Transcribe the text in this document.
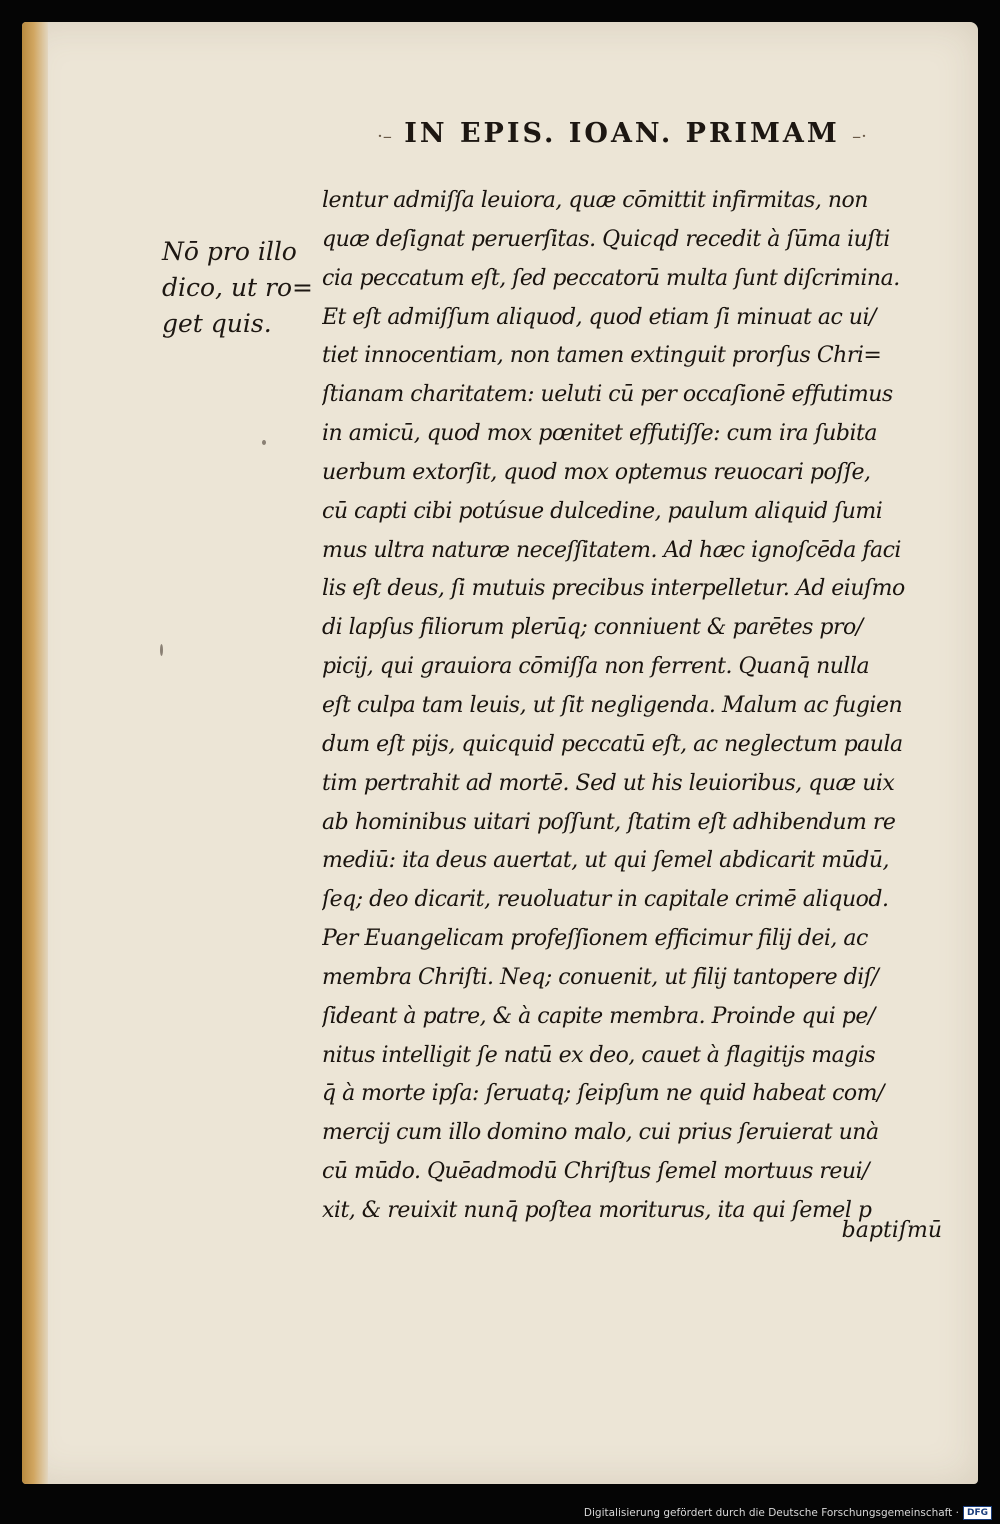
·– IN EPIS. IOAN. PRIMAM –·
Nō pro illo
dico, ut ro=
get quis.
lentur admiſſa leuiora, quæ cōmittit infirmitas, non
quæ deſignat peruerſitas. Quicqd recedit à ſūma iuſti
cia peccatum eſt, ſed peccatorū multa ſunt diſcrimina.
Et eſt admiſſum aliquod, quod etiam ſi minuat ac ui/
tiet innocentiam, non tamen extinguit prorſus Chri=
ſtianam charitatem: ueluti cū per occaſionē effutimus
in amicū, quod mox pœnitet effutiſſe: cum ira ſubita
uerbum extorſit, quod mox optemus reuocari poſſe,
cū capti cibi potúsue dulcedine, paulum aliquid ſumi
mus ultra naturæ neceſſitatem. Ad hæc ignoſcēda faci
lis eſt deus, ſi mutuis precibus interpelletur. Ad eiuſmo
di lapſus filiorum plerūq; conniuent & parētes pro/
picij, qui grauiora cōmiſſa non ferrent. Quanq̄ nulla
eſt culpa tam leuis, ut ſit negligenda. Malum ac fugien
dum eſt pijs, quicquid peccatū eſt, ac neglectum paula
tim pertrahit ad mortē. Sed ut his leuioribus, quæ uix
ab hominibus uitari poſſunt, ſtatim eſt adhibendum re
mediū: ita deus auertat, ut qui ſemel abdicarit mūdū,
ſeq; deo dicarit, reuoluatur in capitale crimē aliquod.
Per Euangelicam profeſſionem efficimur filij dei, ac
membra Chriſti. Neq; conuenit, ut filij tantopere diſ/
ſideant à patre, & à capite membra. Proinde qui pe/
nitus intelligit ſe natū ex deo, cauet à flagitijs magis
q̄ à morte ipſa: ſeruatq; ſeipſum ne quid habeat com/
mercij cum illo domino malo, cui prius ſeruierat unà
cū mūdo. Quēadmodū Chriſtus ſemel mortuus reui/
xit, & reuixit nunq̄ poſtea moriturus, ita qui ſemel p

baptiſmū

Digitalisierung gefördert durch die Deutsche Forschungsgemeinschaft · DFG
